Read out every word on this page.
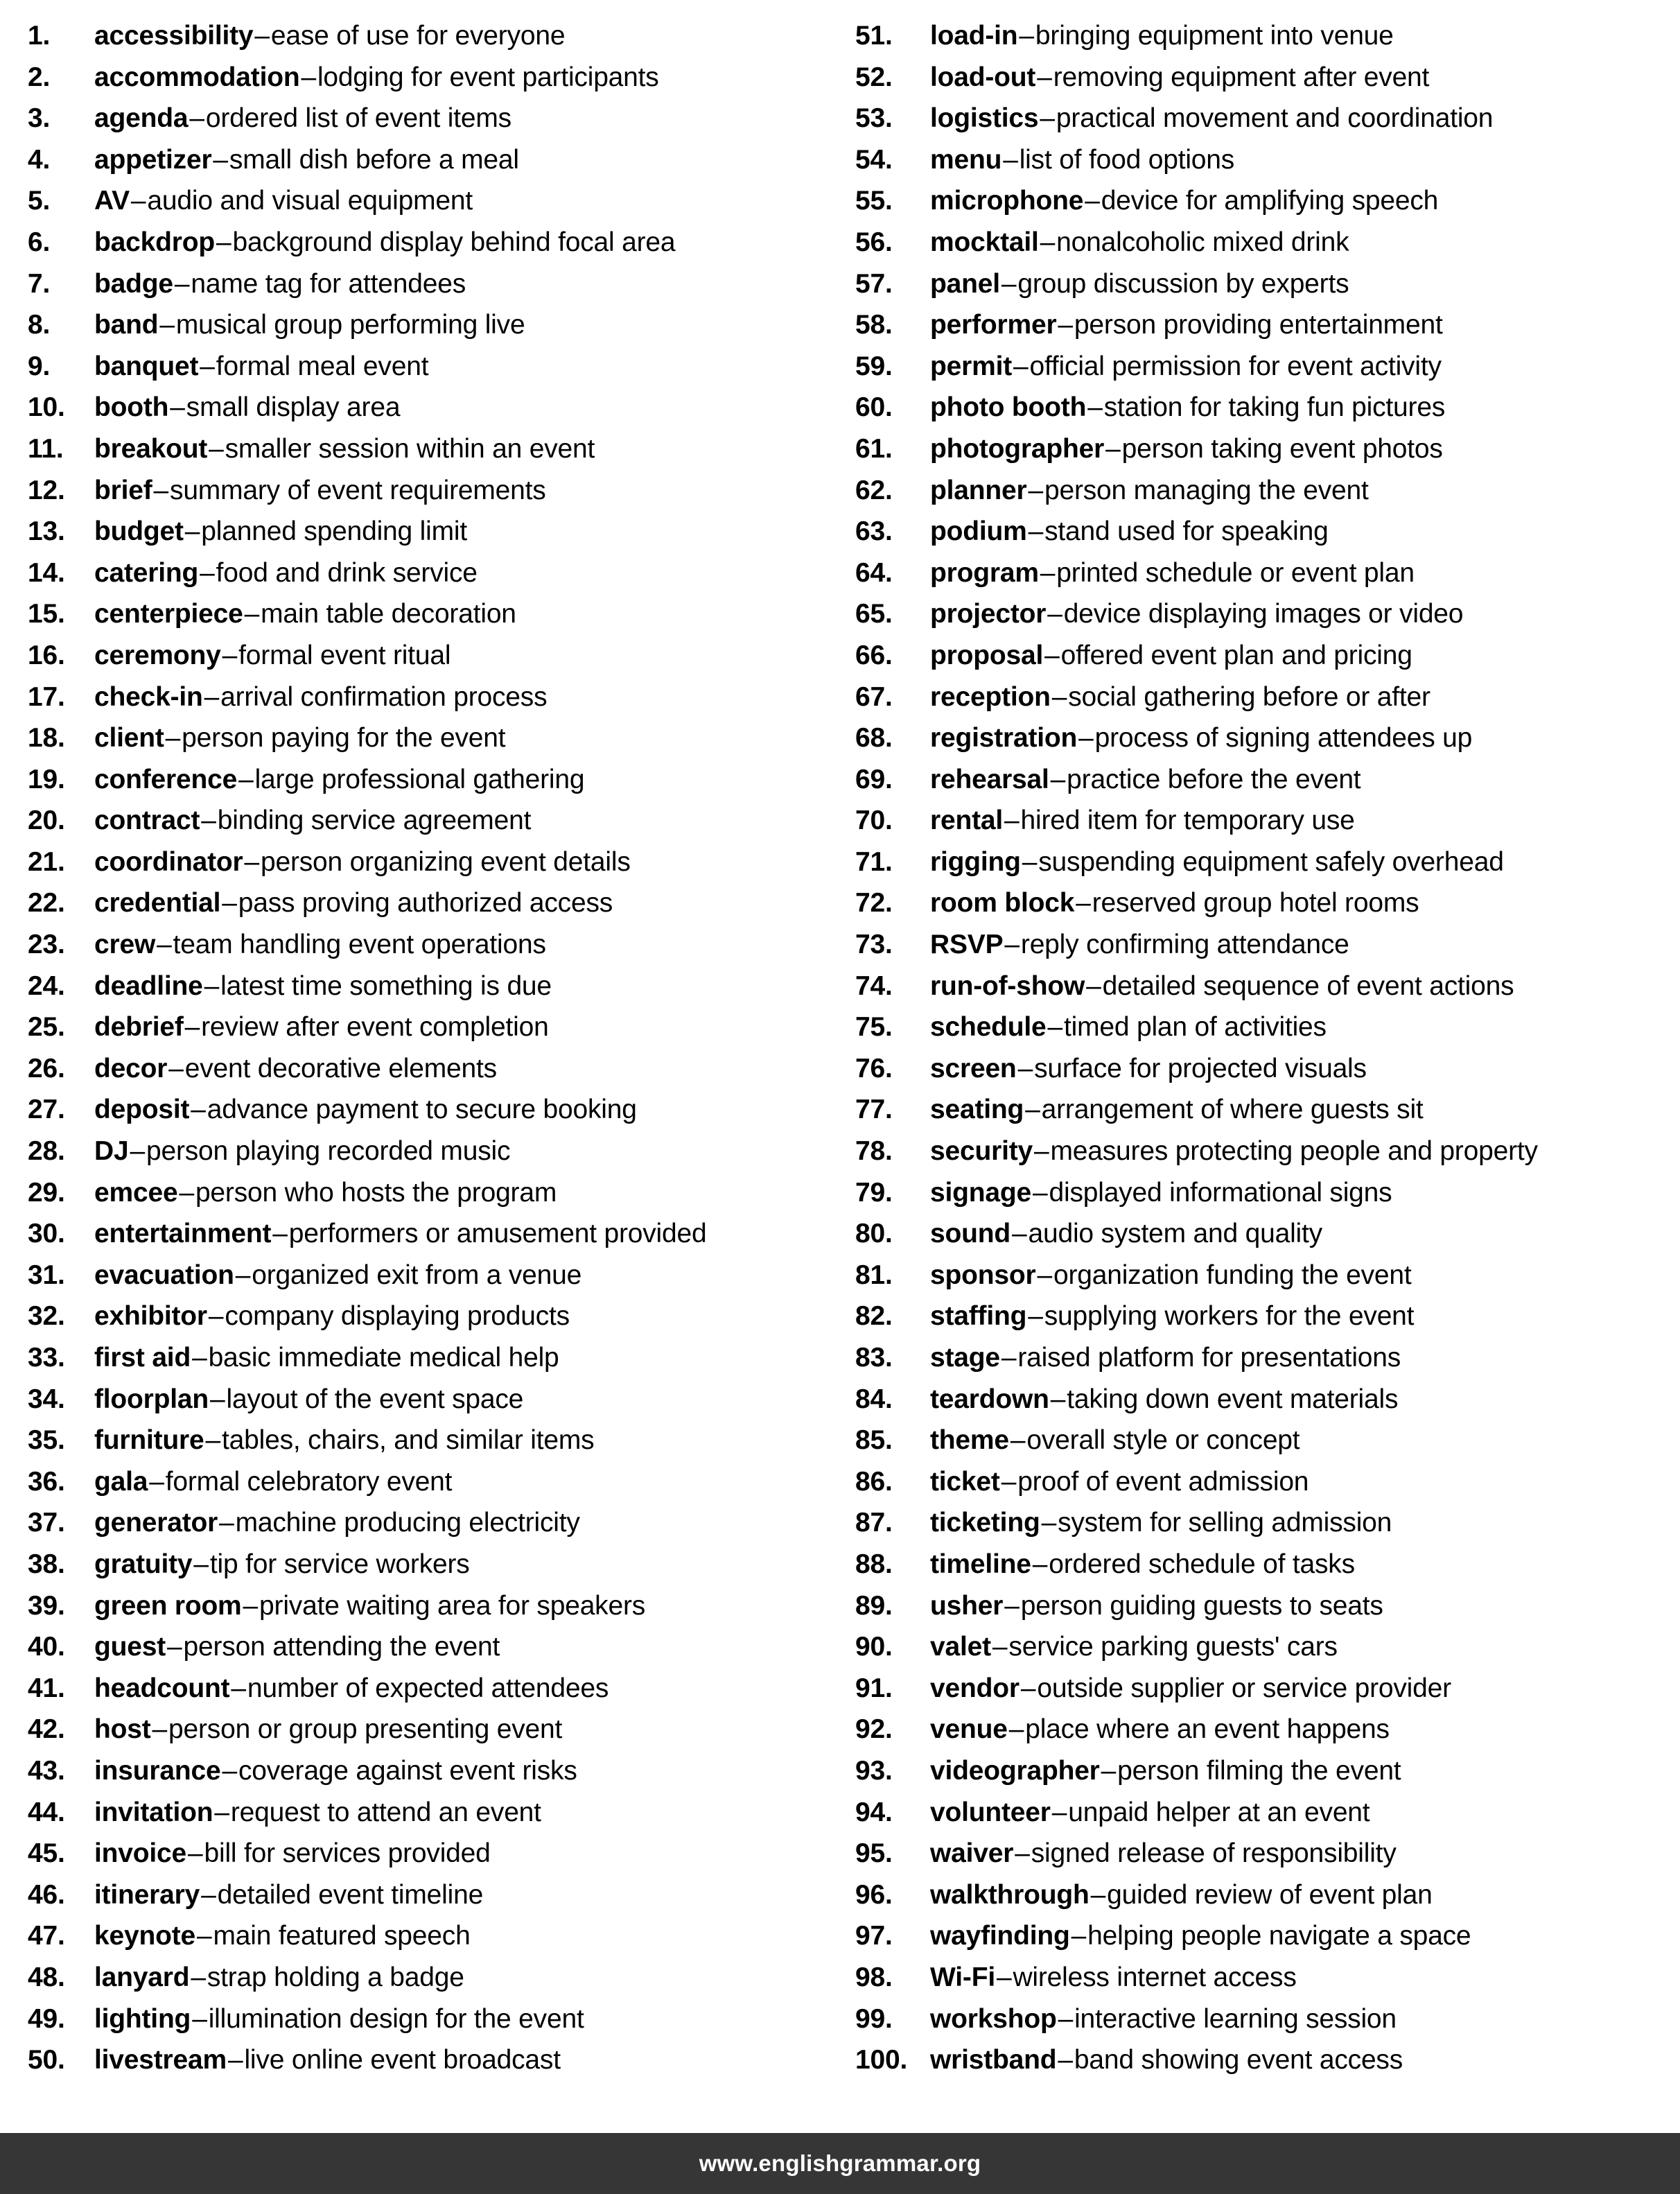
1.	accessibility – ease of use for everyone
2.	accommodation – lodging for event participants
3.	agenda – ordered list of event items
4.	appetizer – small dish before a meal
5.	AV – audio and visual equipment
6.	backdrop – background display behind focal area
7.	badge – name tag for attendees
8.	band – musical group performing live
9.	banquet – formal meal event
10.	booth – small display area
11.	breakout – smaller session within an event
12.	brief – summary of event requirements
13.	budget – planned spending limit
14.	catering – food and drink service
15.	centerpiece – main table decoration
16.	ceremony – formal event ritual
17.	check-in – arrival confirmation process
18.	client – person paying for the event
19.	conference – large professional gathering
20.	contract – binding service agreement
21.	coordinator – person organizing event details
22.	credential – pass proving authorized access
23.	crew – team handling event operations
24.	deadline – latest time something is due
25.	debrief – review after event completion
26.	decor – event decorative elements
27.	deposit – advance payment to secure booking
28.	DJ – person playing recorded music
29.	emcee – person who hosts the program
30.	entertainment – performers or amusement provided
31.	evacuation – organized exit from a venue
32.	exhibitor – company displaying products
33.	first aid – basic immediate medical help
34.	floorplan – layout of the event space
35.	furniture – tables, chairs, and similar items
36.	gala – formal celebratory event
37.	generator – machine producing electricity
38.	gratuity – tip for service workers
39.	green room – private waiting area for speakers
40.	guest – person attending the event
41.	headcount – number of expected attendees
42.	host – person or group presenting event
43.	insurance – coverage against event risks
44.	invitation – request to attend an event
45.	invoice – bill for services provided
46.	itinerary – detailed event timeline
47.	keynote – main featured speech
48.	lanyard – strap holding a badge
49.	lighting – illumination design for the event
50.	livestream – live online event broadcast
51.	load-in – bringing equipment into venue
52.	load-out – removing equipment after event
53.	logistics – practical movement and coordination
54.	menu – list of food options
55.	microphone – device for amplifying speech
56.	mocktail – nonalcoholic mixed drink
57.	panel – group discussion by experts
58.	performer – person providing entertainment
59.	permit – official permission for event activity
60.	photo booth – station for taking fun pictures
61.	photographer – person taking event photos
62.	planner – person managing the event
63.	podium – stand used for speaking
64.	program – printed schedule or event plan
65.	projector – device displaying images or video
66.	proposal – offered event plan and pricing
67.	reception – social gathering before or after
68.	registration – process of signing attendees up
69.	rehearsal – practice before the event
70.	rental – hired item for temporary use
71.	rigging – suspending equipment safely overhead
72.	room block – reserved group hotel rooms
73.	RSVP – reply confirming attendance
74.	run-of-show – detailed sequence of event actions
75.	schedule – timed plan of activities
76.	screen – surface for projected visuals
77.	seating – arrangement of where guests sit
78.	security – measures protecting people and property
79.	signage – displayed informational signs
80.	sound – audio system and quality
81.	sponsor – organization funding the event
82.	staffing – supplying workers for the event
83.	stage – raised platform for presentations
84.	teardown – taking down event materials
85.	theme – overall style or concept
86.	ticket – proof of event admission
87.	ticketing – system for selling admission
88.	timeline – ordered schedule of tasks
89.	usher – person guiding guests to seats
90.	valet – service parking guests' cars
91.	vendor – outside supplier or service provider
92.	venue – place where an event happens
93.	videographer – person filming the event
94.	volunteer – unpaid helper at an event
95.	waiver – signed release of responsibility
96.	walkthrough – guided review of event plan
97.	wayfinding – helping people navigate a space
98.	Wi-Fi – wireless internet access
99.	workshop – interactive learning session
100. wristband – band showing event access
www.englishgrammar.org
